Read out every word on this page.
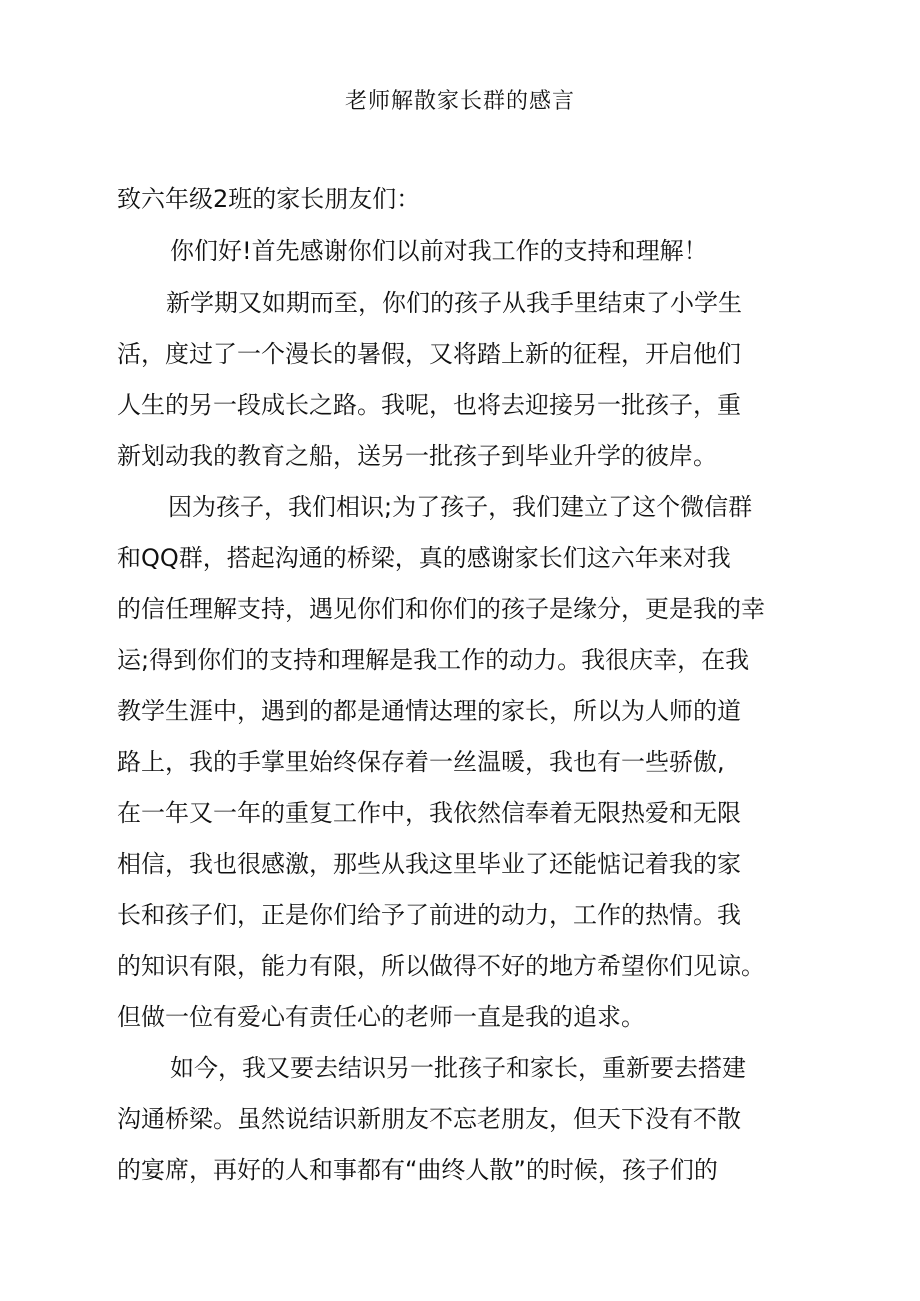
老师解散家长群的感言
致六年级2班的家长朋友们：
你们好!首先感谢你们以前对我工作的支持和理解！
新学期又如期而至，你们的孩子从我手里结束了小学生
活，度过了一个漫长的暑假，又将踏上新的征程，开启他们
人生的另一段成长之路。我呢，也将去迎接另一批孩子，重
新划动我的教育之船，送另一批孩子到毕业升学的彼岸。
因为孩子，我们相识;为了孩子，我们建立了这个微信群
和QQ群，搭起沟通的桥梁，真的感谢家长们这六年来对我
的信任理解支持，遇见你们和你们的孩子是缘分，更是我的幸
运;得到你们的支持和理解是我工作的动力。我很庆幸，在我
教学生涯中，遇到的都是通情达理的家长，所以为人师的道
路上，我的手掌里始终保存着一丝温暖，我也有一些骄傲,
在一年又一年的重复工作中，我依然信奉着无限热爱和无限
相信，我也很感激，那些从我这里毕业了还能惦记着我的家
长和孩子们，正是你们给予了前进的动力，工作的热情。我
的知识有限，能力有限，所以做得不好的地方希望你们见谅。
但做一位有爱心有责任心的老师一直是我的追求。
如今，我又要去结识另一批孩子和家长，重新要去搭建
沟通桥梁。虽然说结识新朋友不忘老朋友，但天下没有不散
的宴席，再好的人和事都有“曲终人散”的时候，孩子们的
